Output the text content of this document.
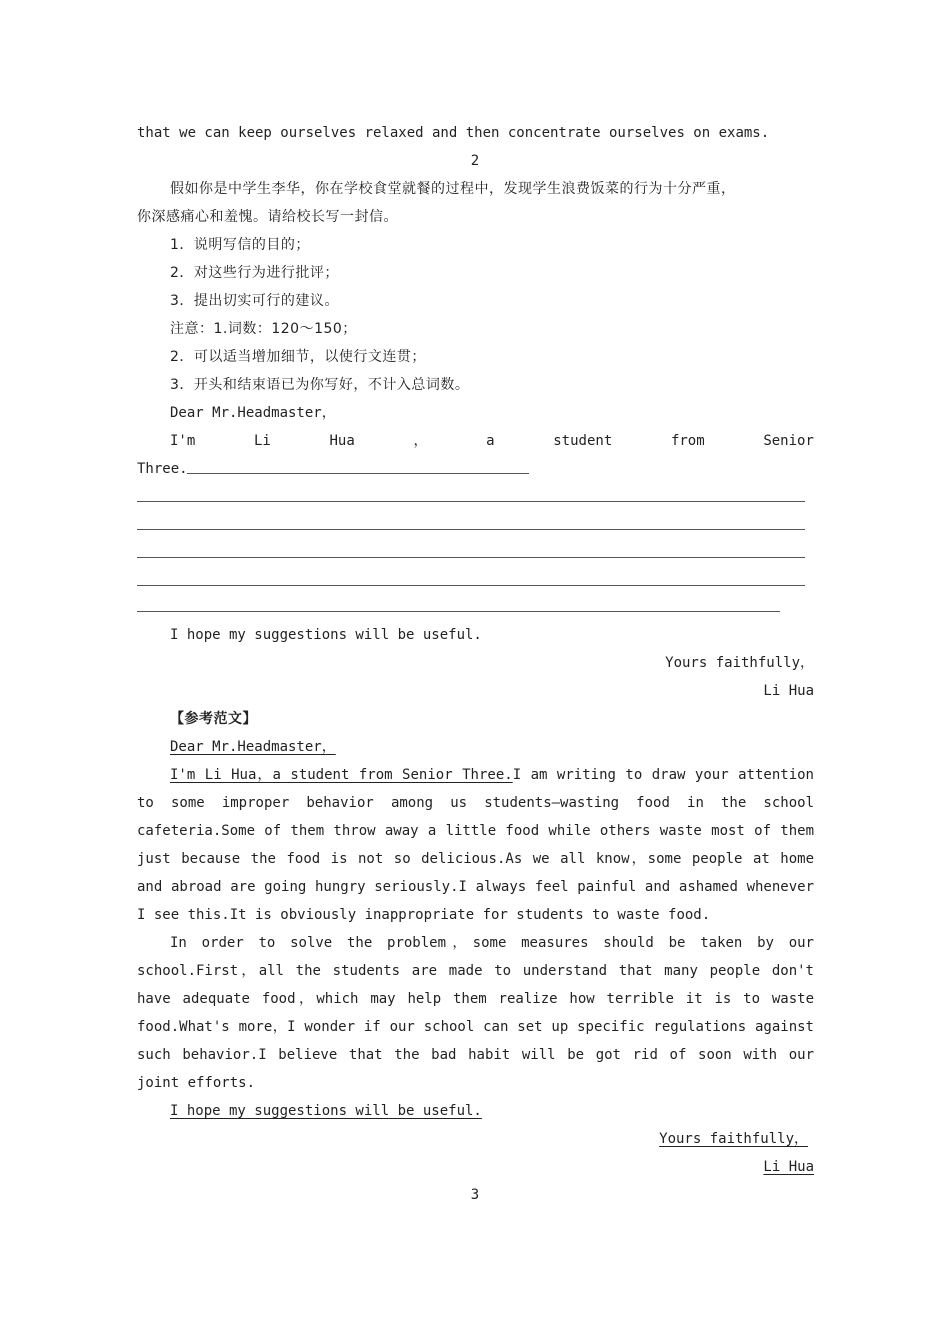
that we can keep ourselves relaxed and then concentrate ourselves on exams.
2
假如你是中学生李华，你在学校食堂就餐的过程中，发现学生浪费饭菜的行为十分严重，
你深感痛心和羞愧。请给校长写一封信。
1．说明写信的目的；
2．对这些行为进行批评；
3．提出切实可行的建议。
注意：1.词数：120～150；
2．可以适当增加细节，以使行文连贯；
3．开头和结束语已为你写好，不计入总词数。
Dear Mr.Headmaster，
I'm	Li	Hua	，	a	student	from	Senior
Three.
I hope my suggestions will be useful.
Yours faithfully，
Li Hua
【参考范文】
Dear Mr.Headmaster，
I'm Li Hua，a student from Senior Three.I am writing to draw your attention
to some improper behavior among us students—wasting food in the school
cafeteria.Some of them throw away a little food while others waste most of them
just because the food is not so delicious.As we all know，some people at home
and abroad are going hungry seriously.I always feel painful and ashamed whenever
I see this.It is obviously inappropriate for students to waste food.
In order to solve the problem，some measures should be taken by our
school.First，all the students are made to understand that many people don't
have adequate food，which may help them realize how terrible it is to waste
food.What's more，I wonder if our school can set up specific regulations against
such behavior.I believe that the bad habit will be got rid of soon with our
joint efforts.
I hope my suggestions will be useful.
Yours faithfully，
Li Hua
3
